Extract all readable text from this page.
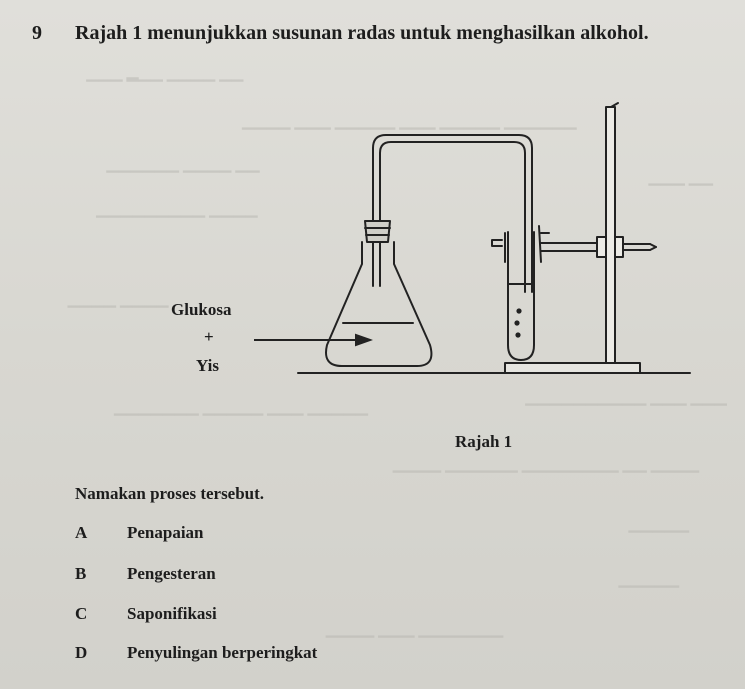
▁▁▁ ▂▁▁ ▁▁▁▁ ▁▁
▁▁▁▁ ▁▁▁ ▁▁▁▁▁ ▁▁▁ ▁▁▁▁▁ ▁▁▁▁▁▁
▁▁▁▁▁▁ ▁▁▁▁ ▁▁
▁▁▁ ▁▁
▁▁▁▁▁▁▁▁▁ ▁▁▁▁
▁▁▁▁ ▁▁▁▁
▁▁▁▁▁▁▁ ▁▁▁▁▁ ▁▁▁ ▁▁▁▁▁
▁▁▁▁▁▁▁▁▁▁ ▁▁▁ ▁▁▁
▁▁▁▁ ▁▁▁▁▁▁ ▁▁▁▁▁▁▁▁ ▁▁ ▁▁▁▁
▁▁▁▁▁
▁▁▁▁▁
▁▁▁▁ ▁▁▁ ▁▁▁▁▁▁▁
9 Rajah 1 menunjukkan susunan radas untuk menghasilkan alkohol.
Glukosa
+
Yis
Rajah 1
Namakan proses tersebut.
A Penapaian
B Pengesteran
C Saponifikasi
D Penyulingan berperingkat
